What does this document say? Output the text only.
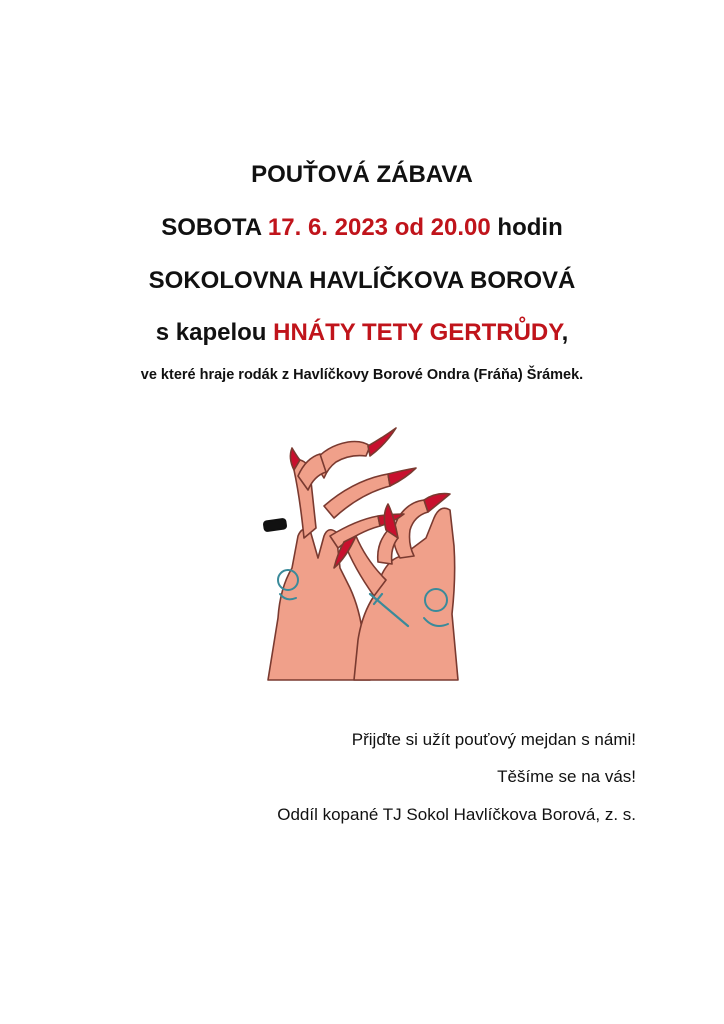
POUŤOVÁ ZÁBAVA
SOBOTA 17. 6. 2023 od 20.00 hodin
SOKOLOVNA HAVLÍČKOVA BOROVÁ
s kapelou HNÁTY TETY GERTRŮDY,
ve které hraje rodák z Havlíčkovy Borové Ondra (Fráňa) Šrámek.
Přijďte si užít pouťový mejdan s námi!
Těšíme se na vás!
Oddíl kopané TJ Sokol Havlíčkova Borová, z. s.
